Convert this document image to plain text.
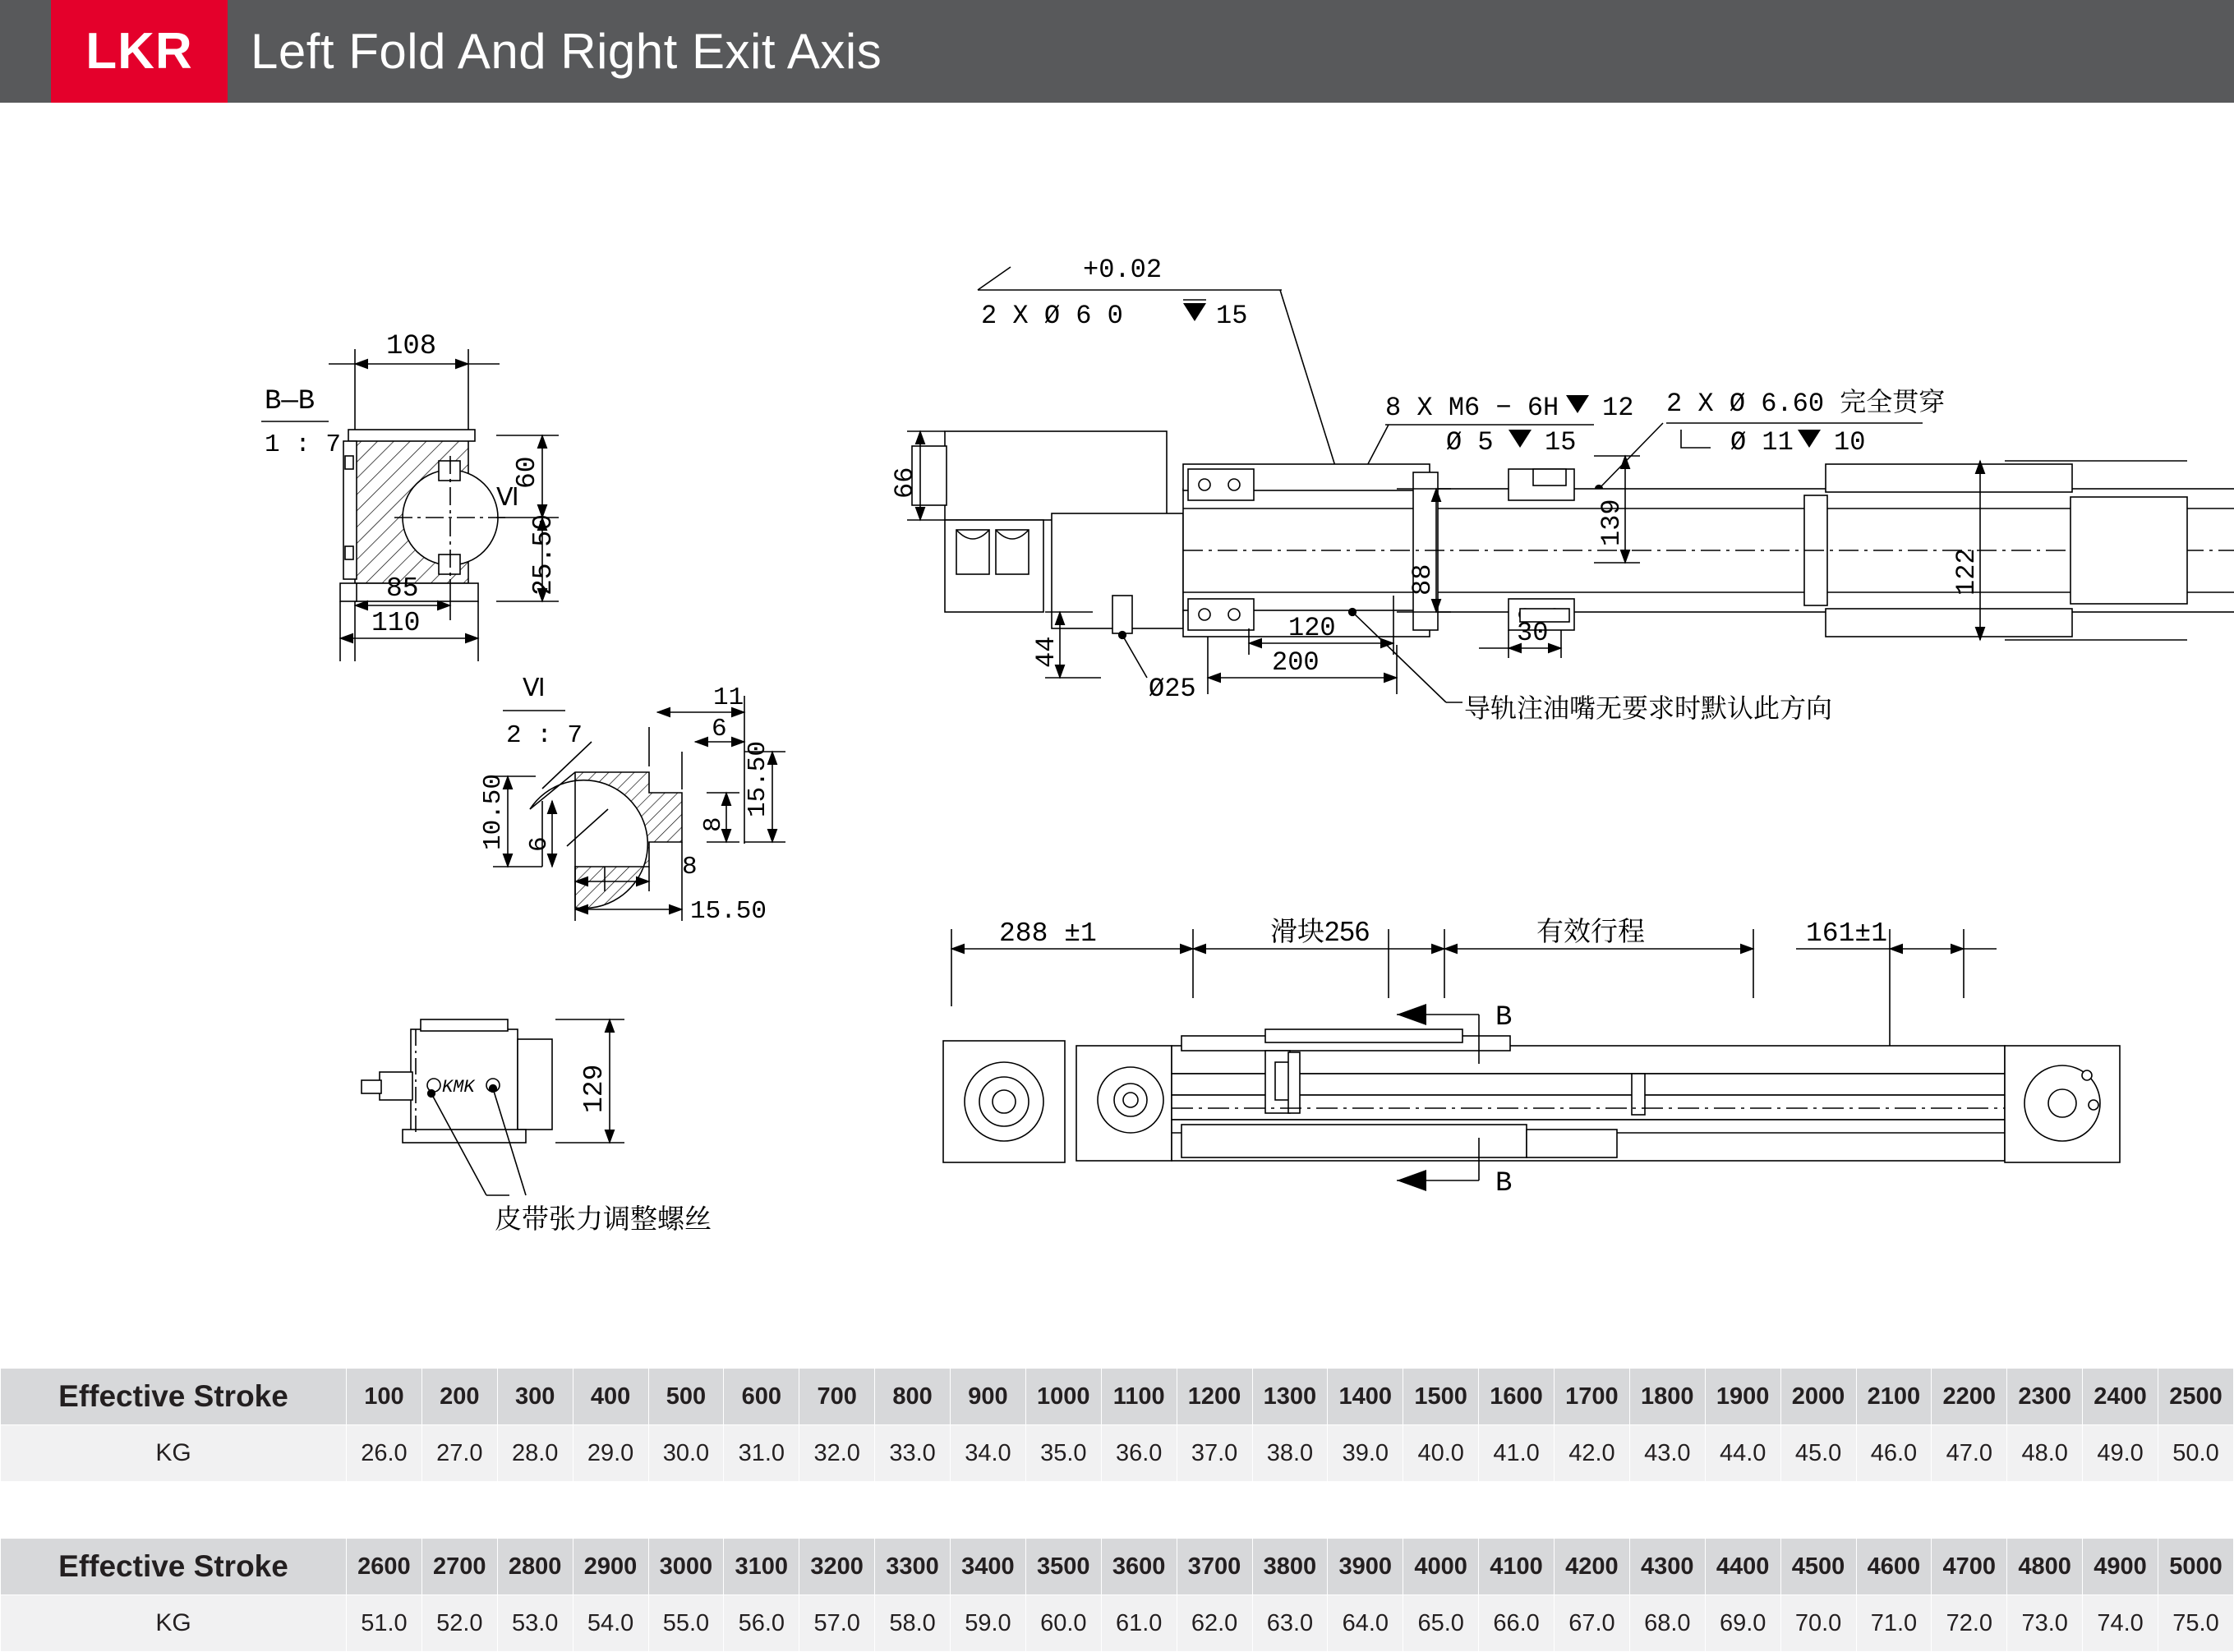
LKR Left Fold And Right Exit Axis
B—B
1 : 7
108
Ⅵ
60
25.50
85
110
Ⅵ
2 : 7
11
6
15.50
8
10.50 6
8
15.50
KMK	129
皮带张力调整螺丝
+0.02
2 X Ø 6 0	15
8 X M6 − 6H 12
Ø 5 15
2 X Ø 6.60 完全贯穿
Ø 11 10
66
44
Ø25
120
200
88
30
139
122
导轨注油嘴无要求时默认此方向
288 ±1	滑块256	有效行程	161±1
B
B
Effective Stroke	100	200	300	400	500	600	700	800	900	1000	1100	1200	1300	1400	1500	1600	1700	1800	1900	2000	2100	2200	2300	2400	2500
KG	26.0	27.0	28.0	29.0	30.0	31.0	32.0	33.0	34.0	35.0	36.0	37.0	38.0	39.0	40.0	41.0	42.0	43.0	44.0	45.0	46.0	47.0	48.0	49.0	50.0

Effective Stroke	2600	2700	2800	2900	3000	3100	3200	3300	3400	3500	3600	3700	3800	3900	4000	4100	4200	4300	4400	4500	4600	4700	4800	4900	5000
KG	51.0	52.0	53.0	54.0	55.0	56.0	57.0	58.0	59.0	60.0	61.0	62.0	63.0	64.0	65.0	66.0	67.0	68.0	69.0	70.0	71.0	72.0	73.0	74.0	75.0
